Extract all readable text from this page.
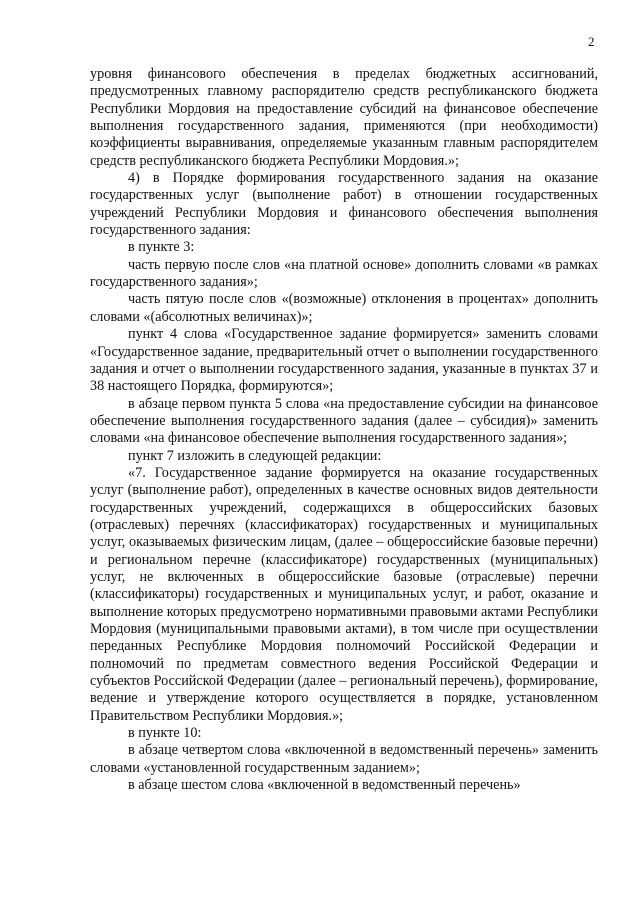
2

уровня финансового обеспечения в пределах бюджетных ассигнований, предусмотренных главному распорядителю средств республиканского бюджета Республики Мордовия на предоставление субсидий на финансовое обеспечение выполнения государственного задания, применяются (при необходимости) коэффициенты выравнивания, определяемые указанным главным распорядителем средств республиканского бюджета Республики Мордовия.»;

4) в Порядке формирования государственного задания на оказание государственных услуг (выполнение работ) в отношении государственных учреждений Республики Мордовия и финансового обеспечения выполнения государственного задания:

в пункте 3:

часть первую после слов «на платной основе» дополнить словами «в рамках государственного задания»;

часть пятую после слов «(возможные) отклонения в процентах» дополнить словами «(абсолютных величинах)»;

пункт 4 слова «Государственное задание формируется» заменить словами «Государственное задание, предварительный отчет о выполнении государственного задания и отчет о выполнении государственного задания, указанные в пунктах 37 и 38 настоящего Порядка, формируются»;

в абзаце первом пункта 5 слова «на предоставление субсидии на финансовое обеспечение выполнения государственного задания (далее – субсидия)» заменить словами «на финансовое обеспечение выполнения государственного задания»;

пункт 7 изложить в следующей редакции:

«7. Государственное задание формируется на оказание государственных услуг (выполнение работ), определенных в качестве основных видов деятельности государственных учреждений, содержащихся в общероссийских базовых (отраслевых) перечнях (классификаторах) государственных и муниципальных услуг, оказываемых физическим лицам, (далее – общероссийские базовые перечни) и региональном перечне (классификаторе) государственных (муниципальных) услуг, не включенных в общероссийские базовые (отраслевые) перечни (классификаторы) государственных и муниципальных услуг, и работ, оказание и выполнение которых предусмотрено нормативными правовыми актами Республики Мордовия (муниципальными правовыми актами), в том числе при осуществлении переданных Республике Мордовия полномочий Российской Федерации и полномочий по предметам совместного ведения Российской Федерации и субъектов Российской Федерации (далее – региональный перечень), формирование, ведение и утверждение которого осуществляется в порядке, установленном Правительством Республики Мордовия.»;

в пункте 10:

в абзаце четвертом слова «включенной в ведомственный перечень» заменить словами «установленной государственным заданием»;

в абзаце шестом слова «включенной в ведомственный перечень»
